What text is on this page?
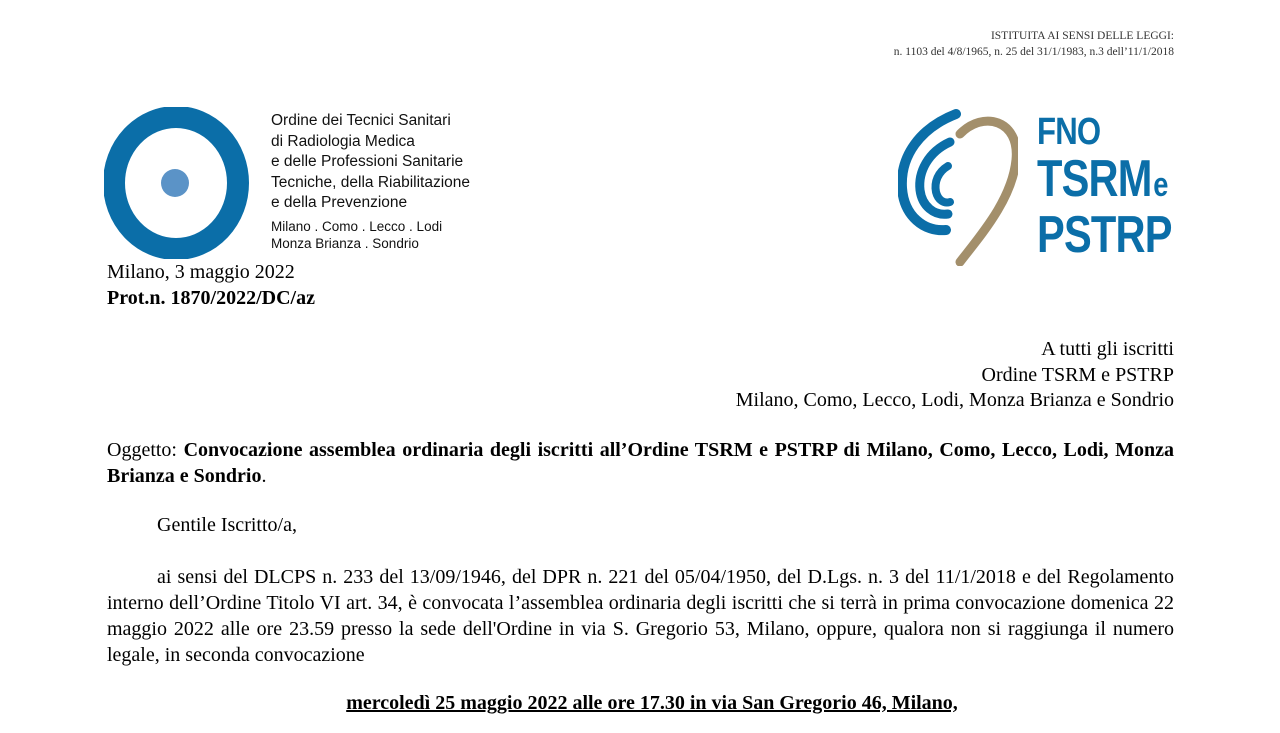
ISTITUITA AI SENSI DELLE LEGGI:
n. 1103 del 4/8/1965, n. 25 del 31/1/1983, n.3 dell’11/1/2018
Ordine dei Tecnici Sanitari
di Radiologia Medica
e delle Professioni Sanitarie
Tecniche, della Riabilitazione
e della Prevenzione
Milano . Como . Lecco . Lodi
Monza Brianza . Sondrio
FNO
TSRMe
PSTRP
Milano, 3 maggio 2022
Prot.n. 1870/2022/DC/az
A tutti gli iscritti
Ordine TSRM e PSTRP
Milano, Como, Lecco, Lodi, Monza Brianza e Sondrio
Oggetto: Convocazione assemblea ordinaria degli iscritti all’Ordine TSRM e PSTRP di Milano, Como, Lecco, Lodi, Monza Brianza e Sondrio.
Gentile Iscritto/a,
ai sensi del DLCPS n. 233 del 13/09/1946, del DPR n. 221 del 05/04/1950, del D.Lgs. n. 3 del 11/1/2018 e del Regolamento interno dell’Ordine Titolo VI art. 34, è convocata l’assemblea ordinaria degli iscritti che si terrà in prima convocazione domenica 22 maggio 2022 alle ore 23.59 presso la sede dell'Ordine in via S. Gregorio 53, Milano, oppure, qualora non si raggiunga il numero legale, in seconda convocazione
mercoledì 25 maggio 2022 alle ore 17.30 in via San Gregorio 46, Milano,
